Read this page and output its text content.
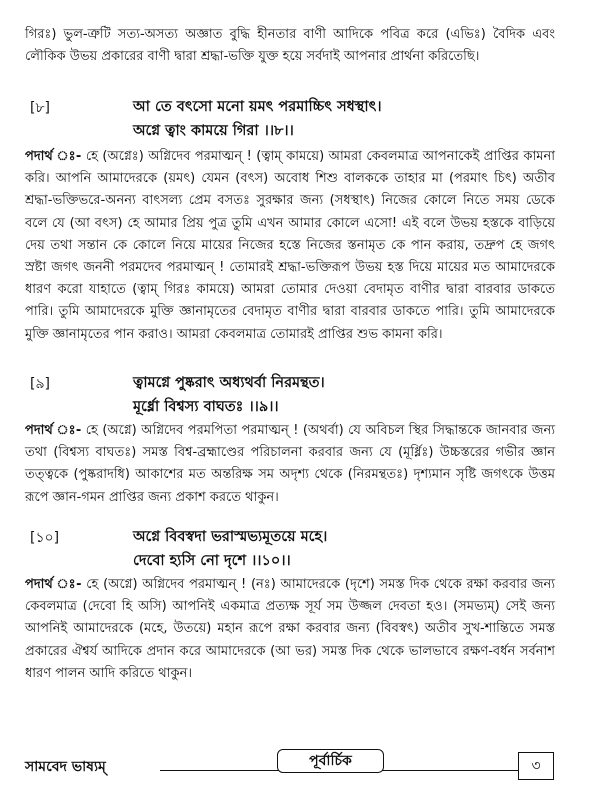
গিরঃ) ভুল-ত্রুটি সত্য-অসত্য অজ্ঞাত বুদ্ধি হীনতার বাণী আদিকে পবিত্র করে (এভিঃ) বৈদিক এবং লৌকিক উভয় প্রকারের বাণী দ্বারা শ্রদ্ধা-ভক্তি যুক্ত হয়ে সর্বদাই আপনার প্রার্থনা করিতেছি।

[৮]	আ তে বৎসো মনো য়মৎ পরমাচ্চিৎ সধস্থাৎ।
অগ্নে ত্বাং কাময়ে গিরা ।।৮।।

পদার্থ ঃ- হে (অগ্নেঃ) অগ্নিদেব পরমাত্মন্ ! (ত্বাম্ কাময়ে) আমরা কেবলমাত্র আপনাকেই প্রাপ্তির কামনা করি। আপনি আমাদেরকে (য়মৎ) যেমন (বৎস) অবোধ শিশু বালককে তাহার মা (পরমাৎ চিৎ) অতীব শ্রদ্ধা-ভক্তিভরে-অনন্য বাৎসল্য প্রেম বসতঃ সুরক্ষার জন্য (সধস্থাৎ) নিজের কোলে নিতে সময় ডেকে বলে যে (আ বৎস) হে আমার প্রিয় পুত্র তুমি এখন আমার কোলে এসো! এই বলে উভয় হস্তকে বাড়িয়ে দেয় তথা সন্তান কে কোলে নিয়ে মায়ের নিজের হস্তে নিজের স্তনামৃত কে পান করায়, তদ্রুপ হে জগৎ স্রষ্টা জগৎ জননী পরমদেব পরমাত্মন্ ! তোমারই শ্রদ্ধা-ভক্তিরূপ উভয় হস্ত দিয়ে মায়ের মত আমাদেরকে ধারণ করো যাহাতে (ত্বাম্ গিরঃ কাময়ে) আমরা তোমার দেওয়া বেদামৃত বাণীর দ্বারা বারবার ডাকতে পারি। তুমি আমাদেরকে মুক্তি জ্ঞানামৃতের বেদামৃত বাণীর দ্বারা বারবার ডাকতে পারি। তুমি আমাদেরকে মুক্তি জ্ঞানামৃতের পান করাও। আমরা কেবলমাত্র তোমারই প্রাপ্তির শুভ কামনা করি।

[৯]	ত্বামগ্নে পুষ্করাৎ অধ্যথর্বা নিরমন্থত।
মূর্ধ্নো বিশ্বস্য বাঘতঃ ।।৯।।

পদার্থ ঃ- হে (অগ্নে) অগ্নিদেব পরমপিতা পরমাত্মন্ ! (অথর্বা) যে অবিচল স্থির সিদ্ধান্তকে জানবার জন্য তথা (বিশ্বস্য বাঘতঃ) সমস্ত বিশ্ব-ব্রহ্মাণ্ডের পরিচালনা করবার জন্য যে (মূর্ধ্নিঃ) উচ্চস্তরের গভীর জ্ঞান তত্ত্বকে (পুষ্করাদধি) আকাশের মত অন্তরিক্ষ সম অদৃশ্য থেকে (নিরমন্থতঃ) দৃশ্যমান সৃষ্টি জগৎকে উত্তম রূপে জ্ঞান-গমন প্রাপ্তির জন্য প্রকাশ করতে থাকুন।

[১০]	অগ্নে বিবস্বদা ভরাস্মভ্যমূতয়ে মহে।
দেবো হ্যসি নো দৃশে ।।১০।।

পদার্থ ঃ- হে (অগ্নে) অগ্নিদেব পরমাত্মন্ ! (নঃ) আমাদেরকে (দৃশে) সমস্ত দিক থেকে রক্ষা করবার জন্য কেবলমাত্র (দেবো হি অসি) আপনিই একমাত্র প্রত্যক্ষ সূর্য সম উজ্জল দেবতা হও। (সমভ্যম্) সেই জন্য আপনিই আমাদেরকে (মহে, উতয়ে) মহান রূপে রক্ষা করবার জন্য (বিবস্বৎ) অতীব সুখ-শান্তিতে সমস্ত প্রকারের ঐশ্বর্য আদিকে প্রদান করে আমাদেরকে (আ ভর) সমস্ত দিক থেকে ভালভাবে রক্ষণ-বর্ধন সর্বনাশ ধারণ পালন আদি করিতে থাকুন।

সামবেদ ভাষ্যম্	পূর্বার্চিক	৩
